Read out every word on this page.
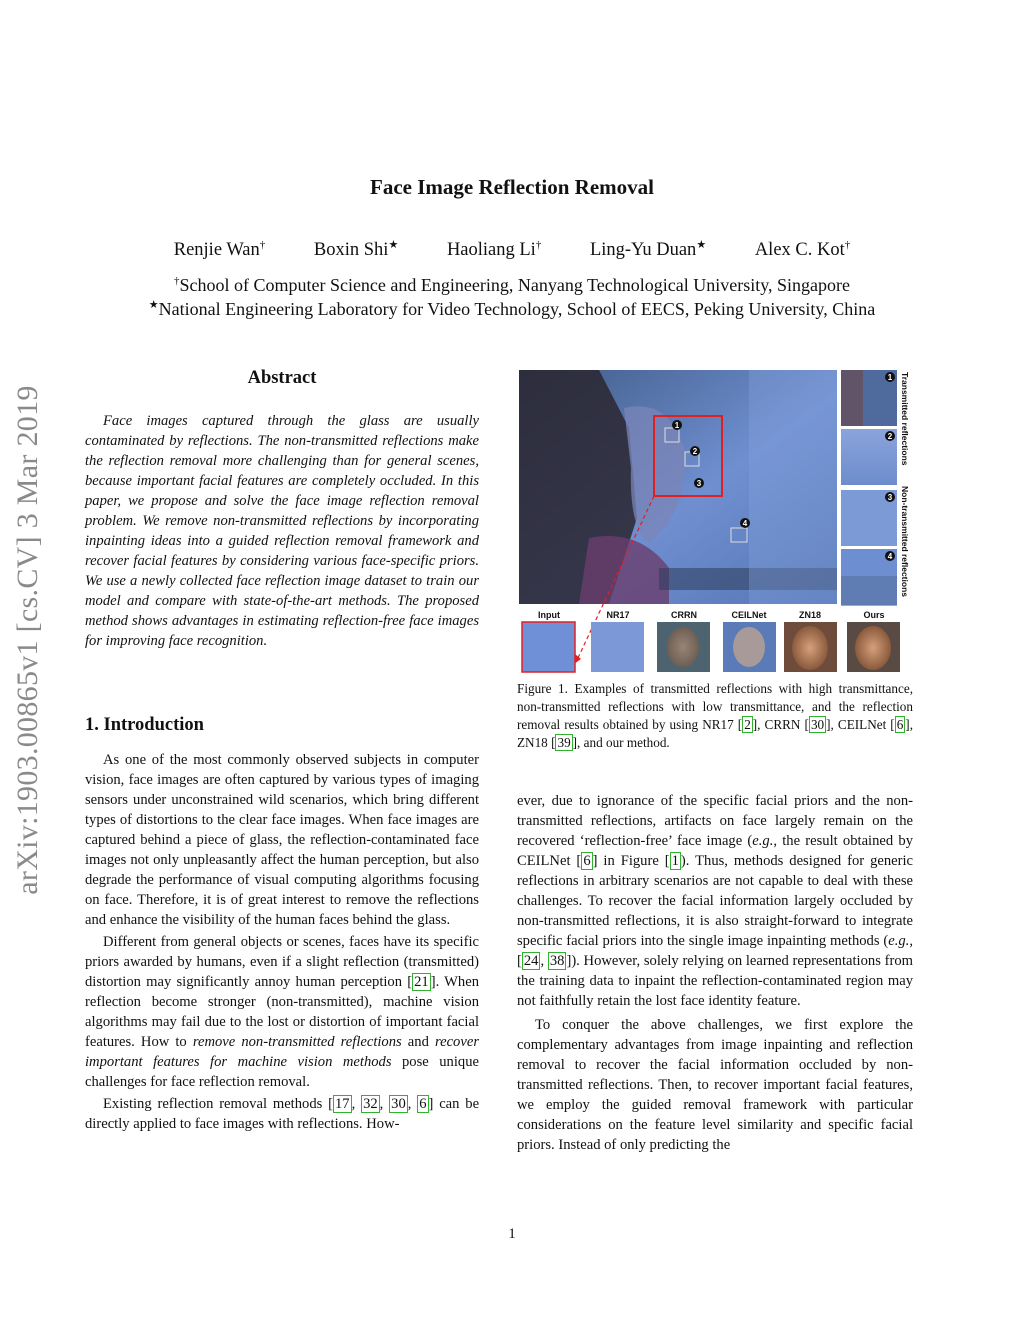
arXiv:1903.00865v1 [cs.CV] 3 Mar 2019
Face Image Reflection Removal
Renjie Wan†	Boxin Shi★	Haoliang Li†	Ling-Yu Duan★	Alex C. Kot†
†School of Computer Science and Engineering, Nanyang Technological University, Singapore
★National Engineering Laboratory for Video Technology, School of EECS, Peking University, China
Abstract

Face images captured through the glass are usually contaminated by reflections. The non-transmitted reflections make the reflection removal more challenging than for general scenes, because important facial features are completely occluded. In this paper, we propose and solve the face image reflection removal problem. We remove non-transmitted reflections by incorporating inpainting ideas into a guided reflection removal framework and recover facial features by considering various face-specific priors. We use a newly collected face reflection image dataset to train our model and compare with state-of-the-art methods. The proposed method shows advantages in estimating reflection-free face images for improving face recognition.

1. Introduction

As one of the most commonly observed subjects in computer vision, face images are often captured by various types of imaging sensors under unconstrained wild scenarios, which bring different types of distortions to the clear face images. When face images are captured behind a piece of glass, the reflection-contaminated face images not only unpleasantly affect the human perception, but also degrade the performance of visual computing algorithms focusing on face. Therefore, it is of great interest to remove the reflections and enhance the visibility of the human faces behind the glass.

Different from general objects or scenes, faces have its specific priors awarded by humans, even if a slight reflection (transmitted) distortion may significantly annoy human perception [ 21 ]. When reflection become stronger (non-transmitted), machine vision algorithms may fail due to the lost or distortion of important facial features. How to remove non-transmitted reflections and recover important features for machine vision methods pose unique challenges for face reflection removal.

Existing reflection removal methods [ 17 , 32 , 30 , 6 ] can be directly applied to face images with reflections. How-

1
2
3
4
1
2
3
4
Transmitted reflections
Non-transmitted reflections
Input	NR17	CRRN	CEILNet	ZN18	Ours
Figure 1. Examples of transmitted reflections with high transmittance, non-transmitted reflections with low transmittance, and the reflection removal results obtained by using NR17 [ 2 ], CRRN [ 30 ], CEILNet [ 6 ], ZN18 [ 39 ], and our method.

ever, due to ignorance of the specific facial priors and the non-transmitted reflections, artifacts on face largely remain on the recovered ‘reflection-free’ face image (e.g., the result obtained by CEILNet [ 6 ] in Figure [ 1 ). Thus, methods designed for generic reflections in arbitrary scenarios are not capable to deal with these challenges. To recover the facial information largely occluded by non-transmitted reflections, it is also straight-forward to integrate specific facial priors into the single image inpainting methods (e.g., [ 24 , 38 ]). However, solely relying on learned representations from the training data to inpaint the reflection-contaminated region may not faithfully retain the lost face identity feature.

To conquer the above challenges, we first explore the complementary advantages from image inpainting and reflection removal to recover the facial information occluded by non-transmitted reflections. Then, to recover important facial features, we employ the guided removal framework with particular considerations on the feature level similarity and specific facial priors. Instead of only predicting the

1
